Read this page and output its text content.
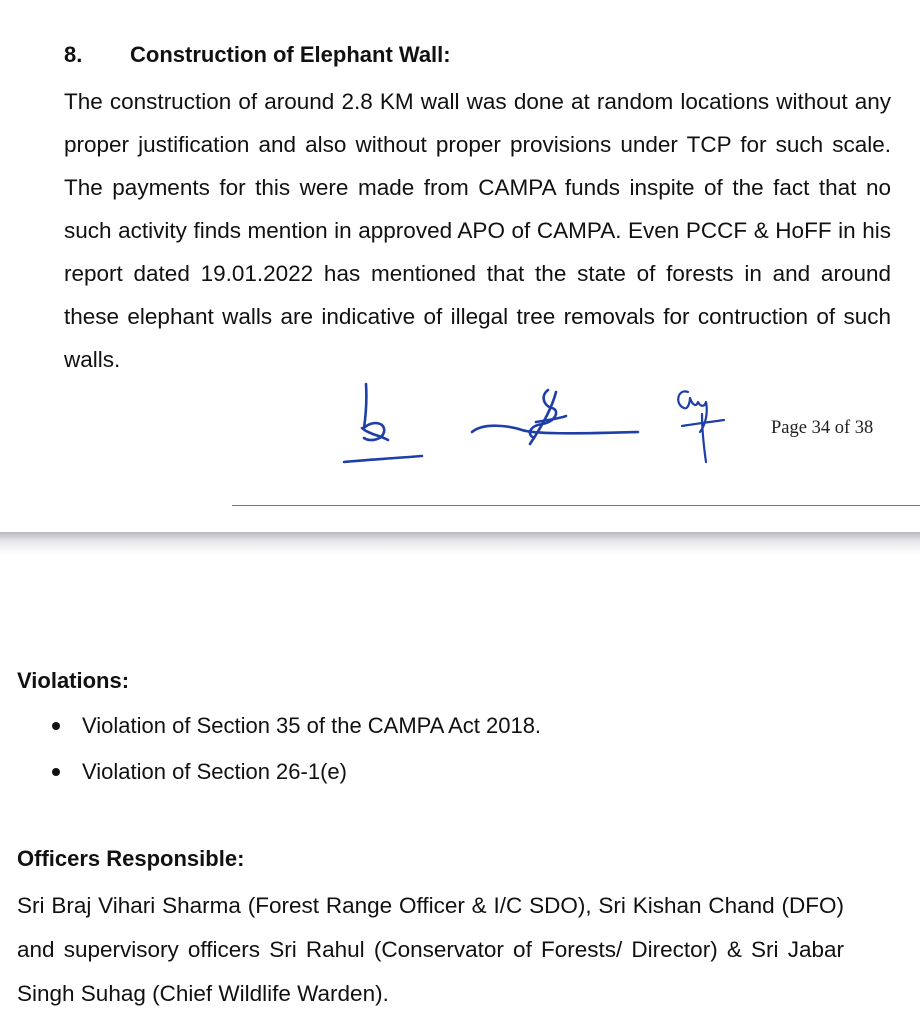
8. Construction of Elephant Wall:

The construction of around 2.8 KM wall was done at random locations without any proper justification and also without proper provisions under TCP for such scale. The payments for this were made from CAMPA funds inspite of the fact that no such activity finds mention in approved APO of CAMPA. Even PCCF & HoFF in his report dated 19.01.2022 has mentioned that the state of forests in and around these elephant walls are indicative of illegal tree removals for contruction of such walls.

Page 34 of 38
Violations:
Violation of Section 35 of the CAMPA Act 2018.
Violation of Section 26-1(e)
Officers Responsible:

Sri Braj Vihari Sharma (Forest Range Officer & I/C SDO), Sri Kishan Chand (DFO) and supervisory officers Sri Rahul (Conservator of Forests/ Director) & Sri Jabar Singh Suhag (Chief Wildlife Warden).
